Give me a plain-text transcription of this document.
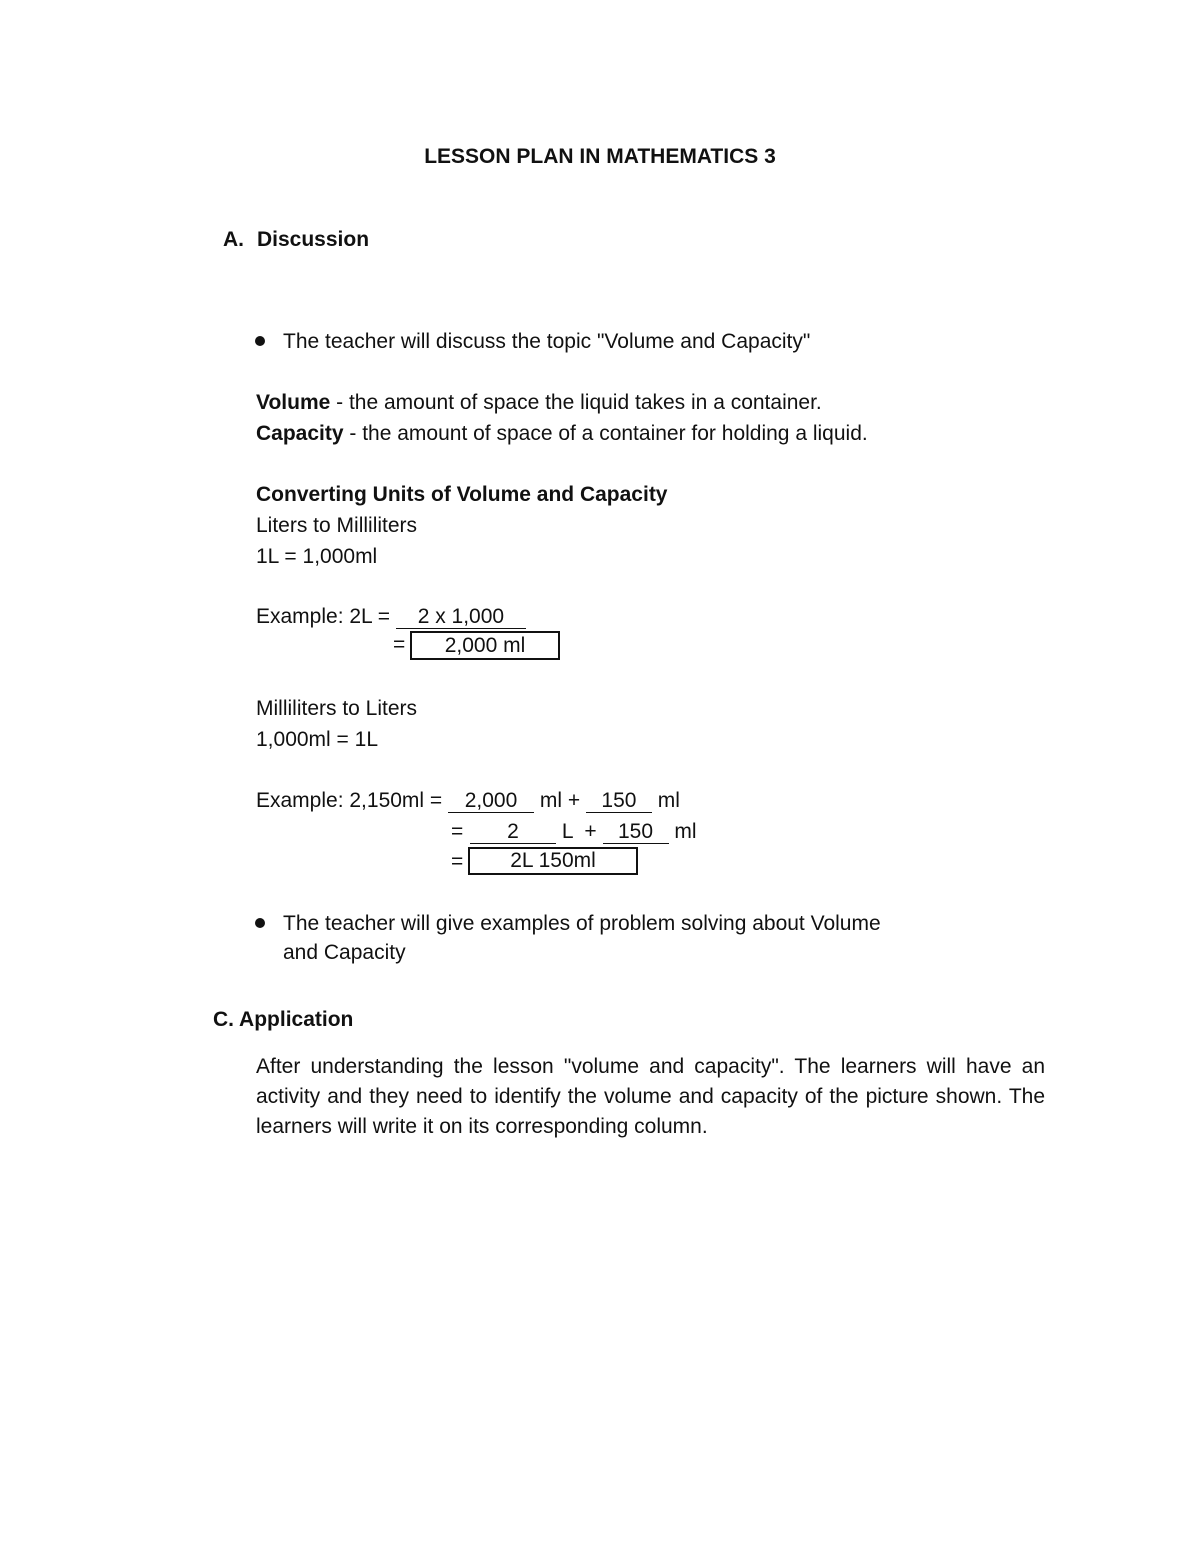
LESSON PLAN IN MATHEMATICS 3
A. Discussion
The teacher will discuss the topic "Volume and Capacity"
Volume - the amount of space the liquid takes in a container.
Capacity - the amount of space of a container for holding a liquid.
Converting Units of Volume and Capacity
Liters to Milliliters
1L = 1,000ml
Example: 2L = 2 x 1,000
=	2,000 ml
Milliliters to Liters
1,000ml = 1L
Example: 2,150ml = 2,000 ml + 150 ml
=	2 L  + 150 ml
=	2L 150ml
The teacher will give examples of problem solving about Volume
and Capacity
C. Application
After understanding the lesson "volume and capacity". The learners will have an activity and they need to identify the volume and capacity of the picture shown. The learners will write it on its corresponding column.
